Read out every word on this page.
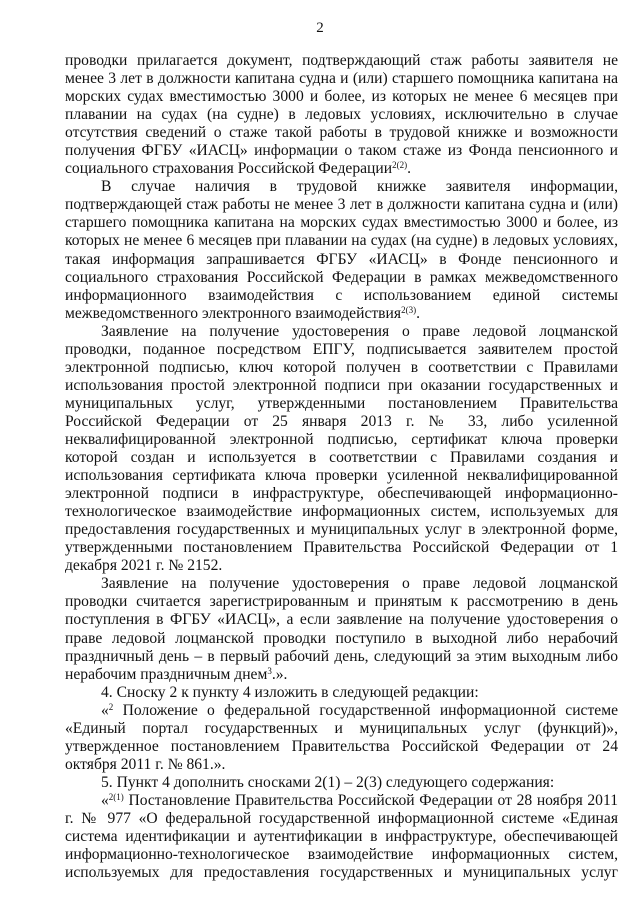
2

проводки прилагается документ, подтверждающий стаж работы заявителя не менее 3 лет в должности капитана судна и (или) старшего помощника капитана на морских судах вместимостью 3000 и более, из которых не менее 6 месяцев при плавании на судах (на судне) в ледовых условиях, исключительно в случае отсутствия сведений о стаже такой работы в трудовой книжке и возможности получения ФГБУ «ИАСЦ» информации о таком стаже из Фонда пенсионного и социального страхования Российской Федерации$^{2(2)}$.

В случае наличия в трудовой книжке заявителя информации, подтверждающей стаж работы не менее 3 лет в должности капитана судна и (или) старшего помощника капитана на морских судах вместимостью 3000 и более, из которых не менее 6 месяцев при плавании на судах (на судне) в ледовых условиях, такая информация запрашивается ФГБУ «ИАСЦ» в Фонде пенсионного и социального страхования Российской Федерации в рамках межведомственного информационного взаимодействия с использованием единой системы межведомственного электронного взаимодействия$^{2(3)}$.

Заявление на получение удостоверения о праве ледовой лоцманской проводки, поданное посредством ЕПГУ, подписывается заявителем простой электронной подписью, ключ которой получен в соответствии с Правилами использования простой электронной подписи при оказании государственных и муниципальных услуг, утвержденными постановлением Правительства Российской Федерации от 25 января 2013 г. № 33, либо усиленной неквалифицированной электронной подписью, сертификат ключа проверки которой создан и используется в соответствии с Правилами создания и использования сертификата ключа проверки усиленной неквалифицированной электронной подписи в инфраструктуре, обеспечивающей информационно-технологическое взаимодействие информационных систем, используемых для предоставления государственных и муниципальных услуг в электронной форме, утвержденными постановлением Правительства Российской Федерации от 1 декабря 2021 г. № 2152.

Заявление на получение удостоверения о праве ледовой лоцманской проводки считается зарегистрированным и принятым к рассмотрению в день поступления в ФГБУ «ИАСЦ», а если заявление на получение удостоверения о праве ледовой лоцманской проводки поступило в выходной либо нерабочий праздничный день – в первый рабочий день, следующий за этим выходным либо нерабочим праздничным днем$^3$.».

4. Сноску 2 к пункту 4 изложить в следующей редакции:

«$^2$ Положение о федеральной государственной информационной системе «Единый портал государственных и муниципальных услуг (функций)», утвержденное постановлением Правительства Российской Федерации от 24 октября 2011 г. № 861.».

5. Пункт 4 дополнить сносками 2(1) – 2(3) следующего содержания:

«$^{2(1)}$ Постановление Правительства Российской Федерации от 28 ноября 2011 г. № 977 «О федеральной государственной информационной системе «Единая система идентификации и аутентификации в инфраструктуре, обеспечивающей информационно-технологическое взаимодействие информационных систем, используемых для предоставления государственных и муниципальных услуг
